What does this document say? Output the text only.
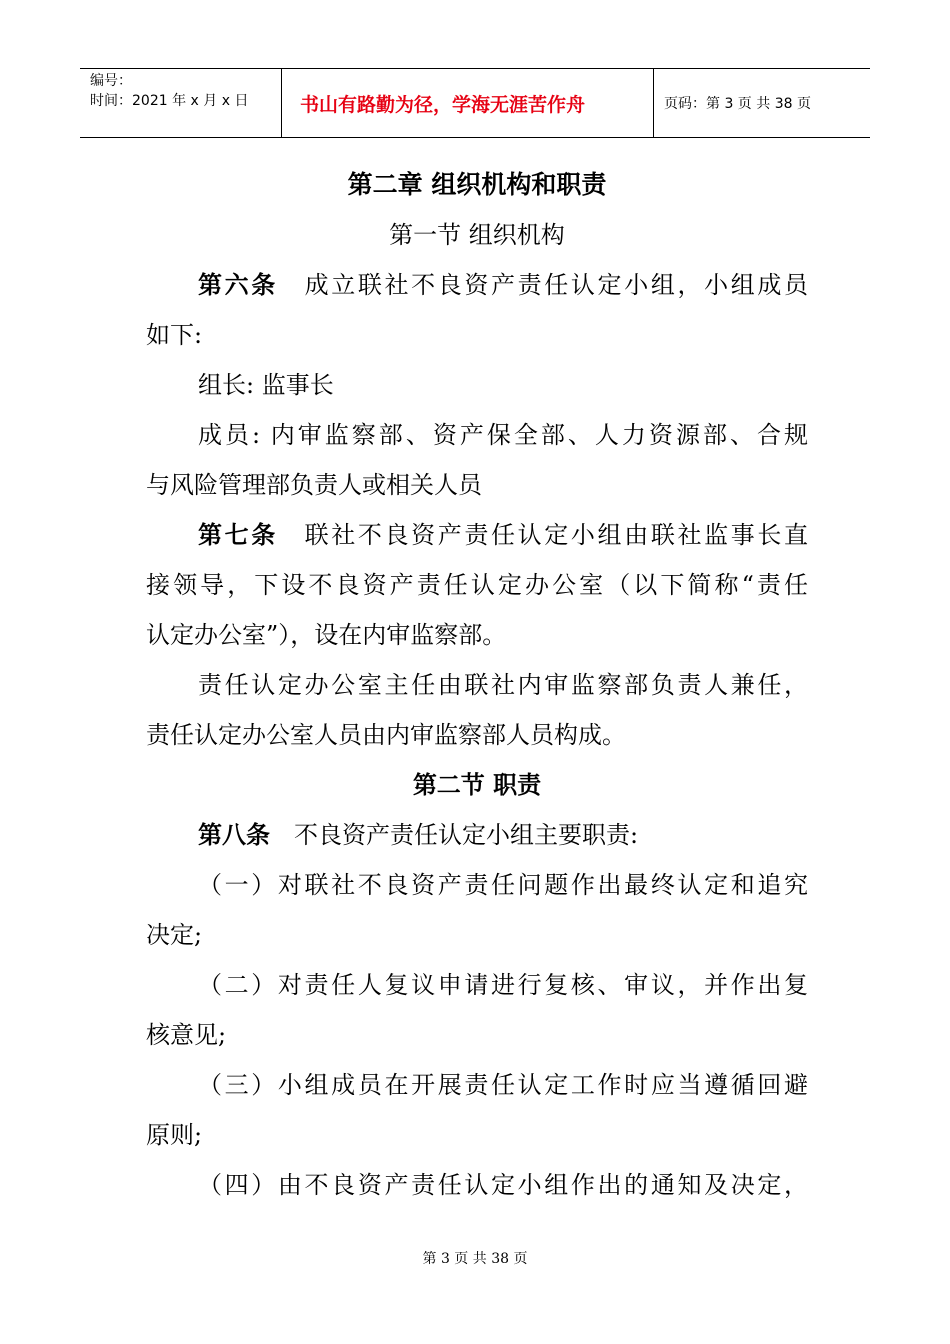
编号：
时间：2021 年 x 月 x 日	书山有路勤为径，学海无涯苦作舟	页码：第 3 页 共 38 页
第二章 组织机构和职责
第一节 组织机构
第六条　 成立联社不良资产责任认定小组，小组成员
如下:
组长: 监事长
成员: 内审监察部、资产保全部、人力资源部、合规
与风险管理部负责人或相关人员
第七条　 联社不良资产责任认定小组由联社监事长直
接领导，下设不良资产责任认定办公室（以下简称“责任
认定办公室”），设在内审监察部。
责任认定办公室主任由联社内审监察部负责人兼任，
责任认定办公室人员由内审监察部人员构成。
第二节 职责
第八条　 不良资产责任认定小组主要职责:
（一）对联社不良资产责任问题作出最终认定和追究
决定;
（二）对责任人复议申请进行复核、审议，并作出复
核意见;
（三）小组成员在开展责任认定工作时应当遵循回避
原则;
（四）由不良资产责任认定小组作出的通知及决定，
第 3 页 共 38 页
